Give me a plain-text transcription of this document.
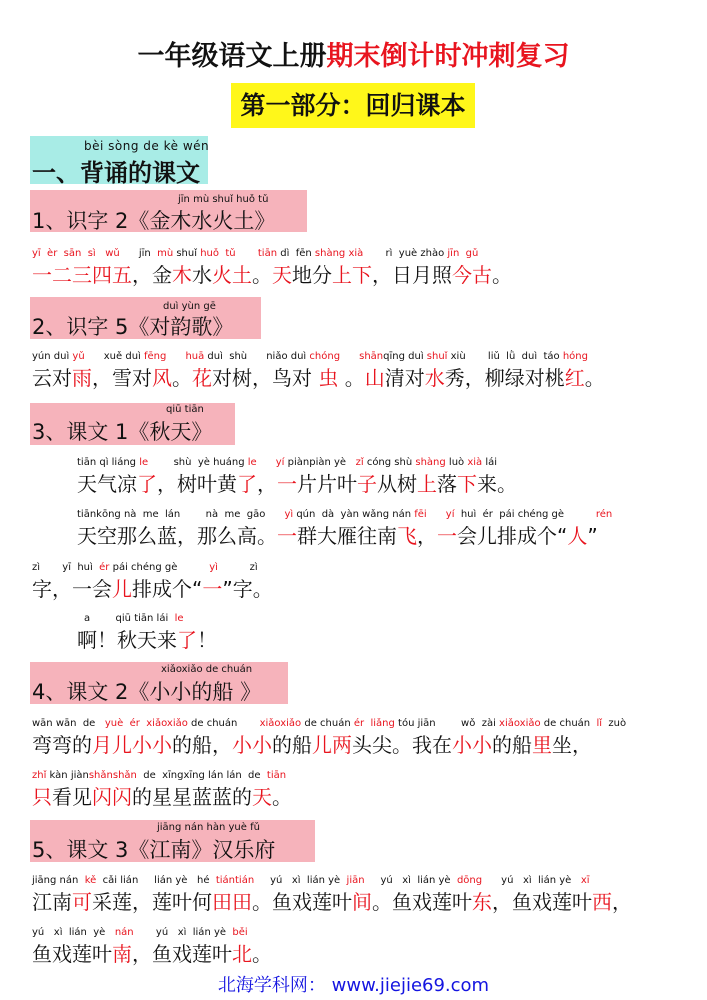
一年级语文上册期末倒计时冲刺复习
第一部分：回归课本
bèi sòng de kè wén
一、背诵的课文
jīn mù shuǐ huǒ tǔ
1、识字 2《金木水火土》
yī  èr  sān  sì   wǔ      jīn  mù shuǐ huǒ  tǔ tiān dì  fēn shàng xià       rì  yuè zhào jīn  gǔ
一二三四五，金木水火土。天地分上下，日月照今古。
duì yùn gē
2、识字 5《对韵歌》
yún duì yǔ      xuě duì fēng huā duì  shù      niǎo duì chóng shānqīng duì shuǐ xiù       liǔ  lǜ  duì  táo hóng
云对雨，雪对风。花对树，鸟对 虫 。山清对水秀，柳绿对桃红。
qiū tiān
3、课文 1《秋天》
tiān qì liáng le        shù  yè huáng le yí piànpiàn yè   zǐ cóng shù shàng luò xià lái
天气凉了，树叶黄了，一片片叶子从树上落下来。
tiānkōng nà  me  lán        nà  me  gāo      yì qún  dà  yàn wǎng nán fēi yí  huì  ér  pái chéng gè          rén
天空那么蓝，那么高。一群大雁往南飞，一会儿排成个“人”
zì       yī  huì  ér pái chéng gè          yì          zì
字，一会儿排成个“一”字。
a        qiū tiān lái  le
啊！秋天来了！
xiǎoxiǎo de chuán
4、课文 2《小小的船 》
wān wān  de   yuè  ér  xiǎoxiǎo de chuán       xiǎoxiǎo de chuán ér  liǎng tóu jiān        wǒ  zài xiǎoxiǎo de chuán  lǐ  zuò
弯弯的月儿小小的船，小小的船儿两头尖。我在小小的船里坐，
zhǐ kàn jiànshǎnshǎn  de  xīngxīng lán lán  de  tiān
只看见闪闪的星星蓝蓝的天。
jiāng nán hàn yuè fǔ
5、课文 3《江南》汉乐府
jiāng nán  kě  cǎi lián     lián yè   hé  tiántián     yú   xì  lián yè  jiān     yú   xì  lián yè  dōng      yú   xì  lián yè   xī
江南可采莲，莲叶何田田。鱼戏莲叶间。鱼戏莲叶东，鱼戏莲叶西，
yú   xì  lián  yè   nán       yú   xì  lián yè  běi
鱼戏莲叶南，鱼戏莲叶北。
北海学科网： www.jiejie69.com
